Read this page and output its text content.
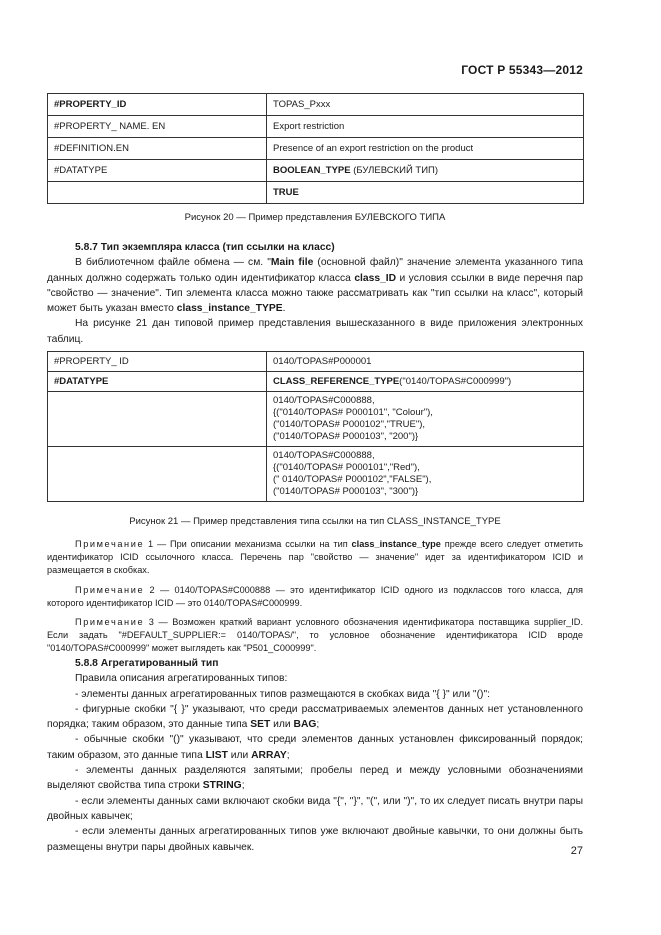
ГОСТ Р 55343—2012
#PROPERTY_ID	TOPAS_Pxxx
#PROPERTY_ NAME. EN	Export restriction
#DEFINITION.EN	Presence of an export restriction on the product
#DATATYPE	BOOLEAN_TYPE (БУЛЕВСКИЙ ТИП)
	TRUE
Рисунок 20 — Пример представления БУЛЕВСКОГО ТИПА

5.8.7 Тип экземпляра класса (тип ссылки на класс)

В библиотечном файле обмена — см. "Main file (основной файл)" значение элемента указанного типа данных должно содержать только один идентификатор класса class_ID и условия ссылки в виде перечня пар "свойство — значение". Тип элемента класса можно также рассматривать как "тип ссылки на класс", который может быть указан вместо class_instance_TYPE.

На рисунке 21 дан типовой пример представления вышесказанного в виде приложения электронных таблиц.

#PROPERTY_ ID	0140/TOPAS#P000001
#DATATYPE	CLASS_REFERENCE_TYPE("0140/TOPAS#C000999")

	0140/TOPAS#C000888,
{("0140/TOPAS# P000101", "Colour"),
("0140/TOPAS# P000102","TRUE"),
("0140/TOPAS# P000103", "200")}

	0140/TOPAS#C000888,
{("0140/TOPAS# P000101","Red"),
(" 0140/TOPAS# P000102","FALSE"),
("0140/TOPAS# P000103", "300")}
Рисунок 21 — Пример представления типа ссылки на тип CLASS_INSTANCE_TYPE

Примечание 1 — При описании механизма ссылки на тип class_instance_type прежде всего следует отметить идентификатор ICID ссылочного класса. Перечень пар "свойство — значение" идет за идентификатором ICID и размещается в скобках.

Примечание 2 — 0140/TOPAS#C000888 — это идентификатор ICID одного из подклассов того класса, для которого идентификатор ICID — это 0140/TOPAS#C000999.

Примечание 3 — Возможен краткий вариант условного обозначения идентификатора поставщика supplier_ID. Если задать "#DEFAULT_SUPPLIER:= 0140/TOPAS/", то условное обозначение идентификатора ICID вроде "0140/TOPAS#C000999" может выглядеть как "P501_C000999".

5.8.8 Агрегатированный тип

Правила описания агрегатированных типов:

- элементы данных агрегатированных типов размещаются в скобках вида "{ }" или "()":

- фигурные скобки "{ }" указывают, что среди рассматриваемых элементов данных нет установленного порядка; таким образом, это данные типа SET или BAG;

- обычные скобки "()" указывают, что среди элементов данных установлен фиксированный порядок; таким образом, это данные типа LIST или ARRAY;

- элементы данных разделяются запятыми; пробелы перед и между условными обозначениями выделяют свойства типа строки STRING;

- если элементы данных сами включают скобки вида "{", "}", "(", или ")", то их следует писать внутри пары двойных кавычек;

- если элементы данных агрегатированных типов уже включают двойные кавычки, то они должны быть размещены внутри пары двойных кавычек.	27
